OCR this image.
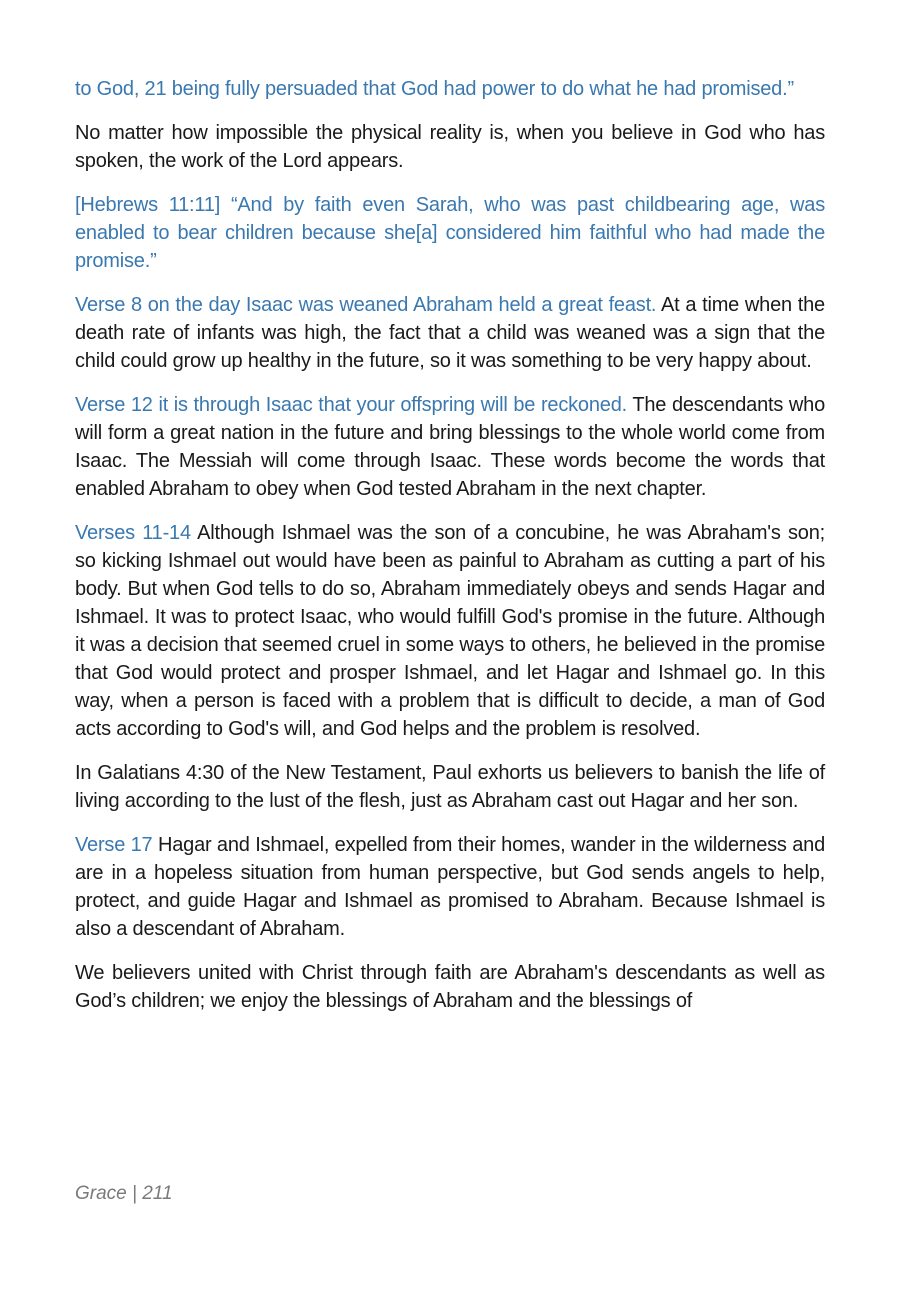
to God, 21 being fully persuaded that God had power to do what he had promised.”

No matter how impossible the physical reality is, when you believe in God who has spoken, the work of the Lord appears.

[Hebrews 11:11] “And by faith even Sarah, who was past childbearing age, was enabled to bear children because she[a] considered him faithful who had made the promise.”

Verse 8 on the day Isaac was weaned Abraham held a great feast. At a time when the death rate of infants was high, the fact that a child was weaned was a sign that the child could grow up healthy in the future, so it was something to be very happy about.

Verse 12 it is through Isaac that your offspring will be reckoned. The descendants who will form a great nation in the future and bring blessings to the whole world come from Isaac. The Messiah will come through Isaac. These words become the words that enabled Abraham to obey when God tested Abraham in the next chapter.

Verses 11-14 Although Ishmael was the son of a concubine, he was Abraham's son; so kicking Ishmael out would have been as painful to Abraham as cutting a part of his body. But when God tells to do so, Abraham immediately obeys and sends Hagar and Ishmael. It was to protect Isaac, who would fulfill God's promise in the future. Although it was a decision that seemed cruel in some ways to others, he believed in the promise that God would protect and prosper Ishmael, and let Hagar and Ishmael go. In this way, when a person is faced with a problem that is difficult to decide, a man of God acts according to God's will, and God helps and the problem is resolved.

In Galatians 4:30 of the New Testament, Paul exhorts us believers to banish the life of living according to the lust of the flesh, just as Abraham cast out Hagar and her son.

Verse 17 Hagar and Ishmael, expelled from their homes, wander in the wilderness and are in a hopeless situation from human perspective, but God sends angels to help, protect, and guide Hagar and Ishmael as promised to Abraham. Because Ishmael is also a descendant of Abraham.

We believers united with Christ through faith are Abraham's descendants as well as God’s children; we enjoy the blessings of Abraham and the blessings of

Grace | 211
